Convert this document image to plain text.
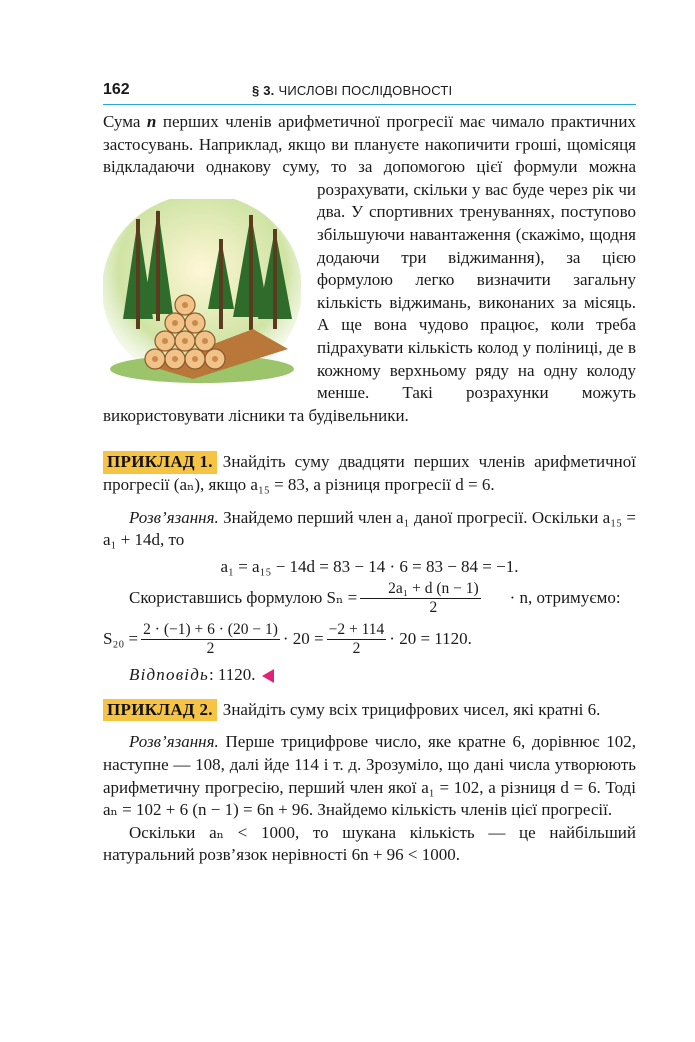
162	§ 3. ЧИСЛОВІ ПОСЛІДОВНОСТІ

Сума n перших членів арифметичної прогресії має чимало практичних застосувань. Наприклад, якщо ви плануєте накопичити гроші, щомісяця відкладаючи однакову суму, то за допомогою цієї формули можна розрахувати, скільки у вас буде через рік чи два. У спортивних тренуваннях, поступово збільшуючи навантаження (скажімо, щодня додаючи три віджимання), за цією формулою легко визначити загальну кількість віджимань, виконаних за місяць. А ще вона чудово працює, коли треба підрахувати кількість колод у поліниці, де в кожному верхньому ряду на одну колоду менше. Такі розрахунки можуть використовувати лісники та будівельники.

ПРИКЛАД 1. Знайдіть суму двадцяти перших членів арифметичної прогресії (aₙ), якщо a₁₅ = 83, а різниця прогресії d = 6.

Розв’язання. Знайдемо перший член a₁ даної прогресії. Оскільки a₁₅ = a₁ + 14d, то

a₁ = a₁₅ − 14d = 83 − 14 · 6 = 83 − 84 = −1.

Скориставшись формулою $S_n = \frac{\text{2a₁ + d (n − 1)}}{2}$	· n, отримуємо:

$S_{20} = \frac{2 \cdot (-1) + 6 \cdot (20 - 1)}{2} \cdot 20 = \frac{-2 + 114}{2} \cdot 20 = 1120$.

Відповідь: 1120.

ПРИКЛАД 2. Знайдіть суму всіх трицифрових чисел, які кратні 6.

Розв’язання. Перше трицифрове число, яке кратне 6, дорівнює 102, наступне — 108, далі йде 114 і т. д. Зрозуміло, що дані числа утворюють арифметичну прогресію, перший член якої a₁ = 102, а різниця d = 6. Тоді aₙ = 102 + 6 (n − 1) = 6n + 96. Знайдемо кількість членів цієї прогресії.

Оскільки aₙ < 1000, то шукана кількість — це найбільший натуральний розв’язок нерівності 6n + 96 < 1000.
